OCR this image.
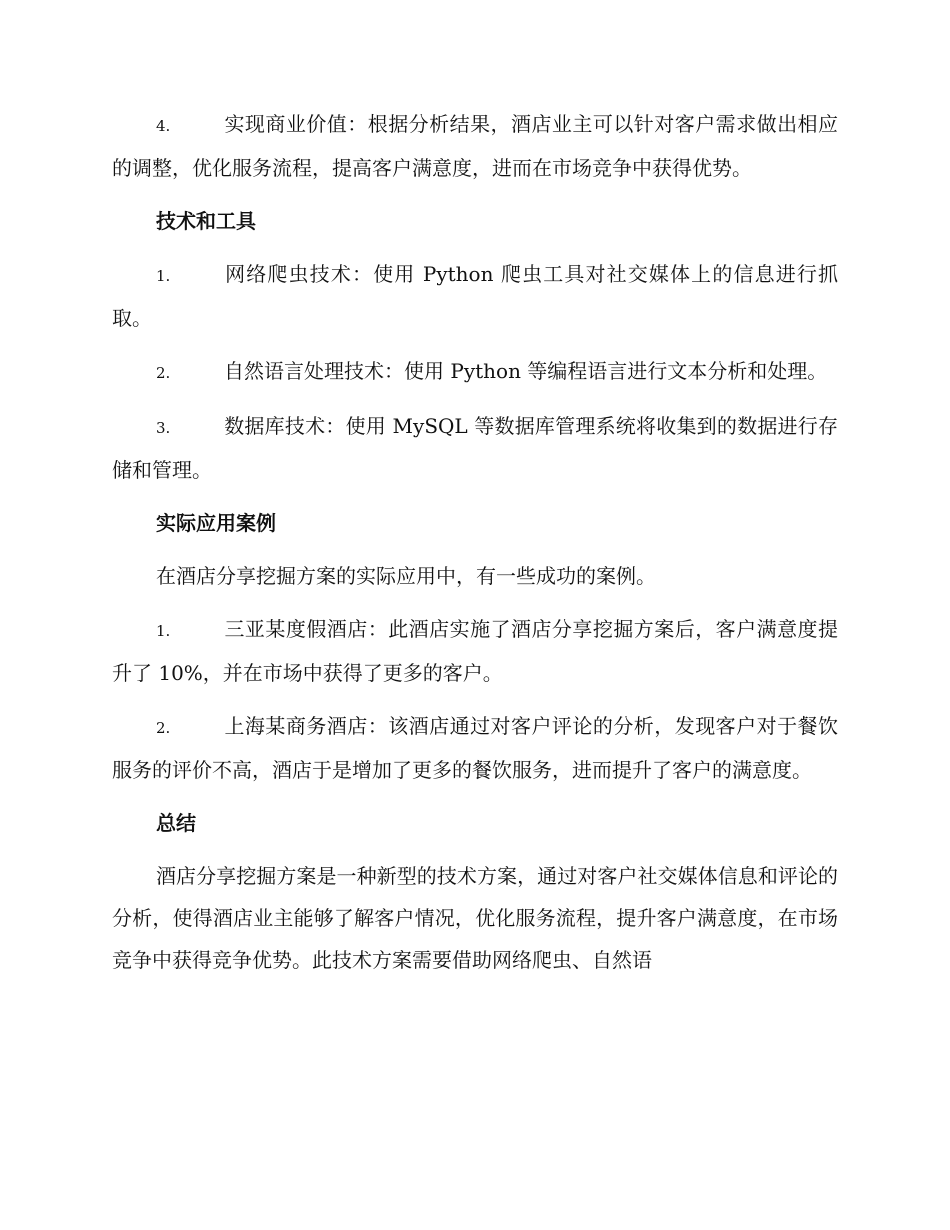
4.	实现商业价值：根据分析结果，酒店业主可以针对客户需求做出相应的调整，优化服务流程，提高客户满意度，进而在市场竞争中获得优势。

技术和工具

1.	网络爬虫技术：使用 Python 爬虫工具对社交媒体上的信息进行抓取。

2.	自然语言处理技术：使用 Python 等编程语言进行文本分析和处理。

3.	数据库技术：使用 MySQL 等数据库管理系统将收集到的数据进行存储和管理。

实际应用案例

在酒店分享挖掘方案的实际应用中，有一些成功的案例。

1.	三亚某度假酒店：此酒店实施了酒店分享挖掘方案后，客户满意度提升了 10%，并在市场中获得了更多的客户。

2.	上海某商务酒店：该酒店通过对客户评论的分析，发现客户对于餐饮服务的评价不高，酒店于是增加了更多的餐饮服务，进而提升了客户的满意度。

总结

酒店分享挖掘方案是一种新型的技术方案，通过对客户社交媒体信息和评论的分析，使得酒店业主能够了解客户情况，优化服务流程，提升客户满意度，在市场竞争中获得竞争优势。此技术方案需要借助网络爬虫、自然语
